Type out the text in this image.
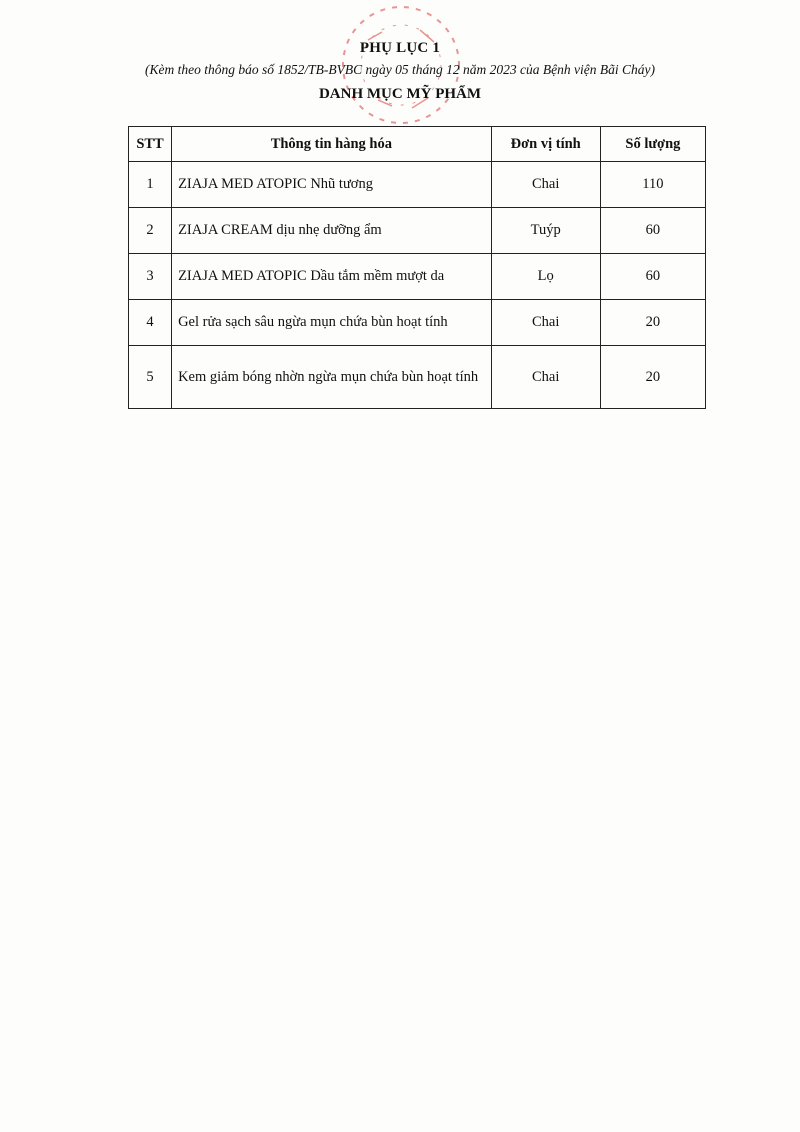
PHỤ LỤC 1
(Kèm theo thông báo số 1852/TB-BVBC ngày 05 tháng 12 năm 2023 của Bệnh viện Bãi Cháy)
DANH MỤC MỸ PHẨM
STT	Thông tin hàng hóa	Đơn vị tính	Số lượng
1	ZIAJA MED ATOPIC Nhũ tương	Chai	110
2	ZIAJA CREAM dịu nhẹ dưỡng ẩm	Tuýp	60
3	ZIAJA MED ATOPIC Dầu tắm mềm mượt da	Lọ	60
4	Gel rửa sạch sâu ngừa mụn chứa bùn hoạt tính	Chai	20
5	Kem giảm bóng nhờn ngừa mụn chứa bùn hoạt tính	Chai	20
